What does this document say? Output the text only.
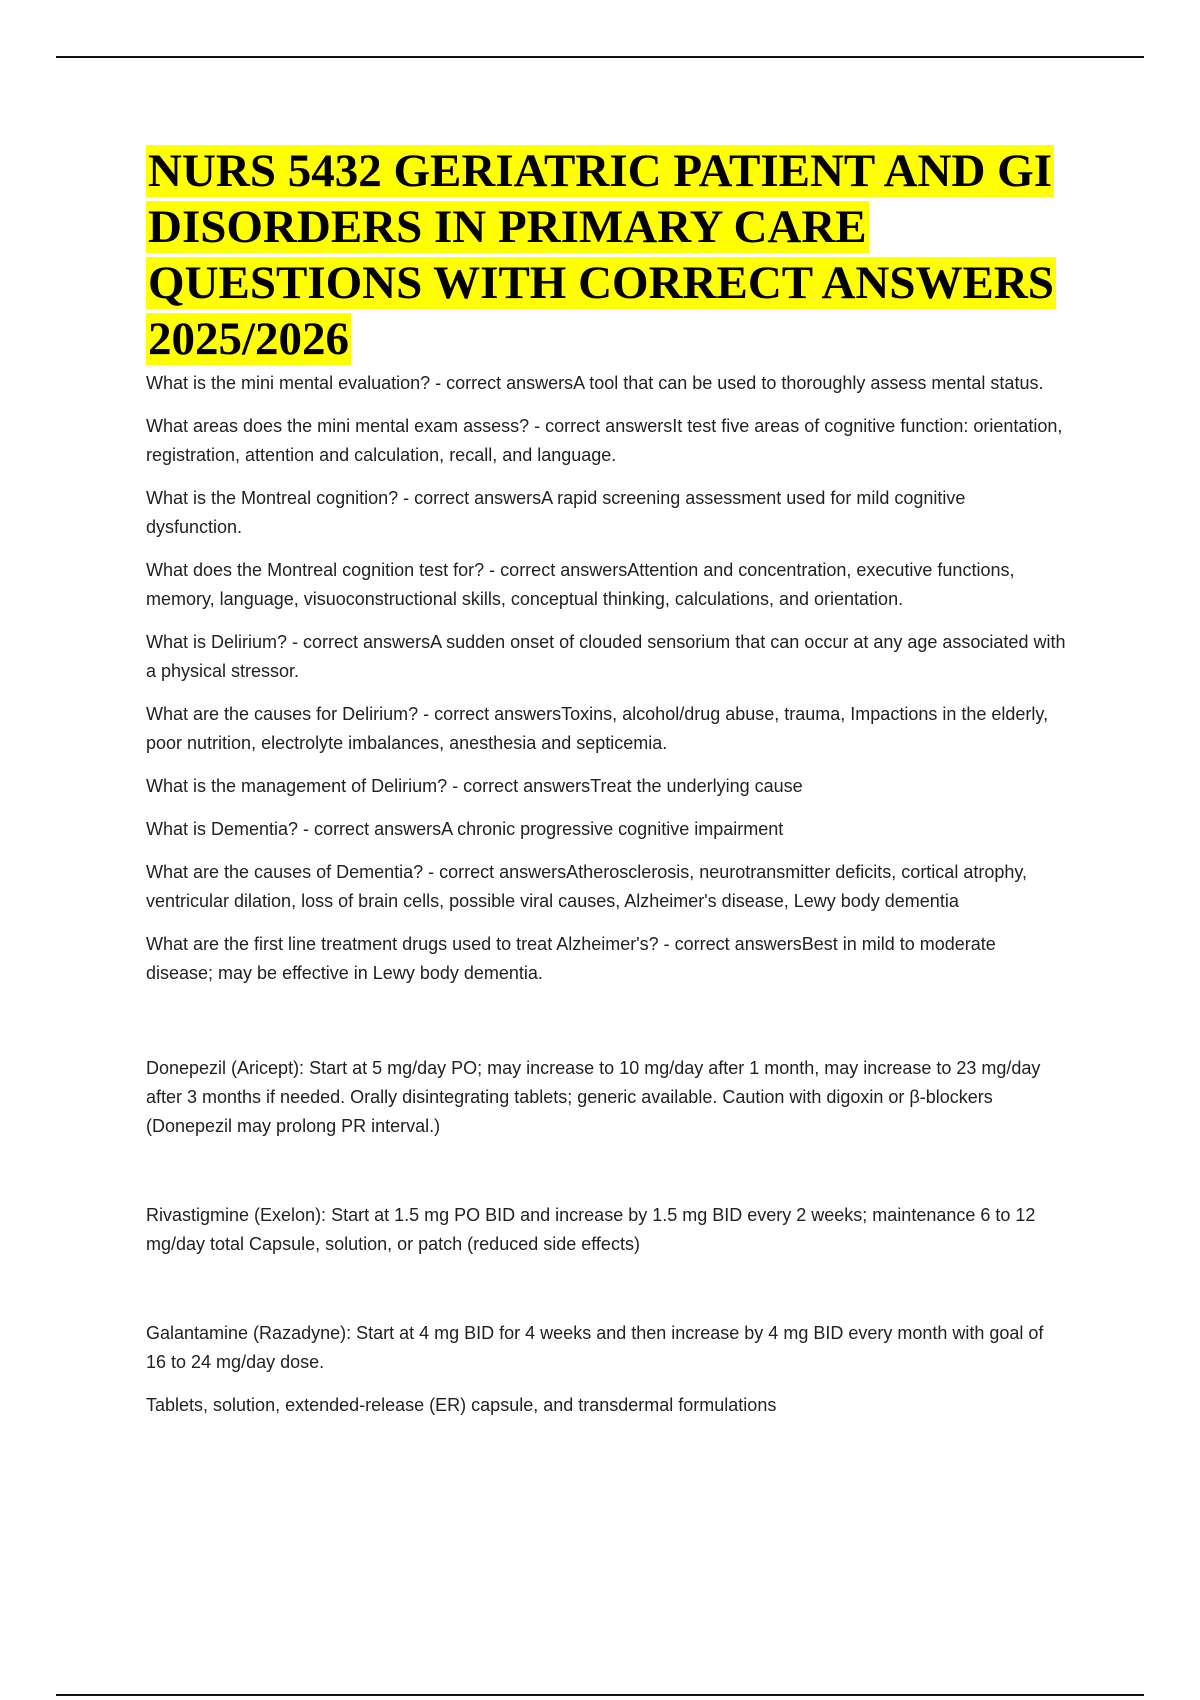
NURS 5432 GERIATRIC PATIENT AND GI DISORDERS IN PRIMARY CARE QUESTIONS WITH CORRECT ANSWERS 2025/2026

What is the mini mental evaluation? - correct answersA tool that can be used to thoroughly assess mental status.

What areas does the mini mental exam assess? - correct answersIt test five areas of cognitive function: orientation, registration, attention and calculation, recall, and language.

What is the Montreal cognition? - correct answersA rapid screening assessment used for mild cognitive dysfunction.

What does the Montreal cognition test for? - correct answersAttention and concentration, executive functions, memory, language, visuoconstructional skills, conceptual thinking, calculations, and orientation.

What is Delirium? - correct answersA sudden onset of clouded sensorium that can occur at any age associated with a physical stressor.

What are the causes for Delirium? - correct answersToxins, alcohol/drug abuse, trauma, Impactions in the elderly, poor nutrition, electrolyte imbalances, anesthesia and septicemia.

What is the management of Delirium? - correct answersTreat the underlying cause

What is Dementia? - correct answersA chronic progressive cognitive impairment

What are the causes of Dementia? - correct answersAtherosclerosis, neurotransmitter deficits, cortical atrophy, ventricular dilation, loss of brain cells, possible viral causes, Alzheimer's disease, Lewy body dementia

What are the first line treatment drugs used to treat Alzheimer's? - correct answersBest in mild to moderate disease; may be effective in Lewy body dementia.

Donepezil (Aricept): Start at 5 mg/day PO; may increase to 10 mg/day after 1 month, may increase to 23 mg/day after 3 months if needed. Orally disintegrating tablets; generic available. Caution with digoxin or β-blockers (Donepezil may prolong PR interval.)

Rivastigmine (Exelon): Start at 1.5 mg PO BID and increase by 1.5 mg BID every 2 weeks; maintenance 6 to 12 mg/day total Capsule, solution, or patch (reduced side effects)

Galantamine (Razadyne): Start at 4 mg BID for 4 weeks and then increase by 4 mg BID every month with goal of 16 to 24 mg/day dose.

Tablets, solution, extended-release (ER) capsule, and transdermal formulations
